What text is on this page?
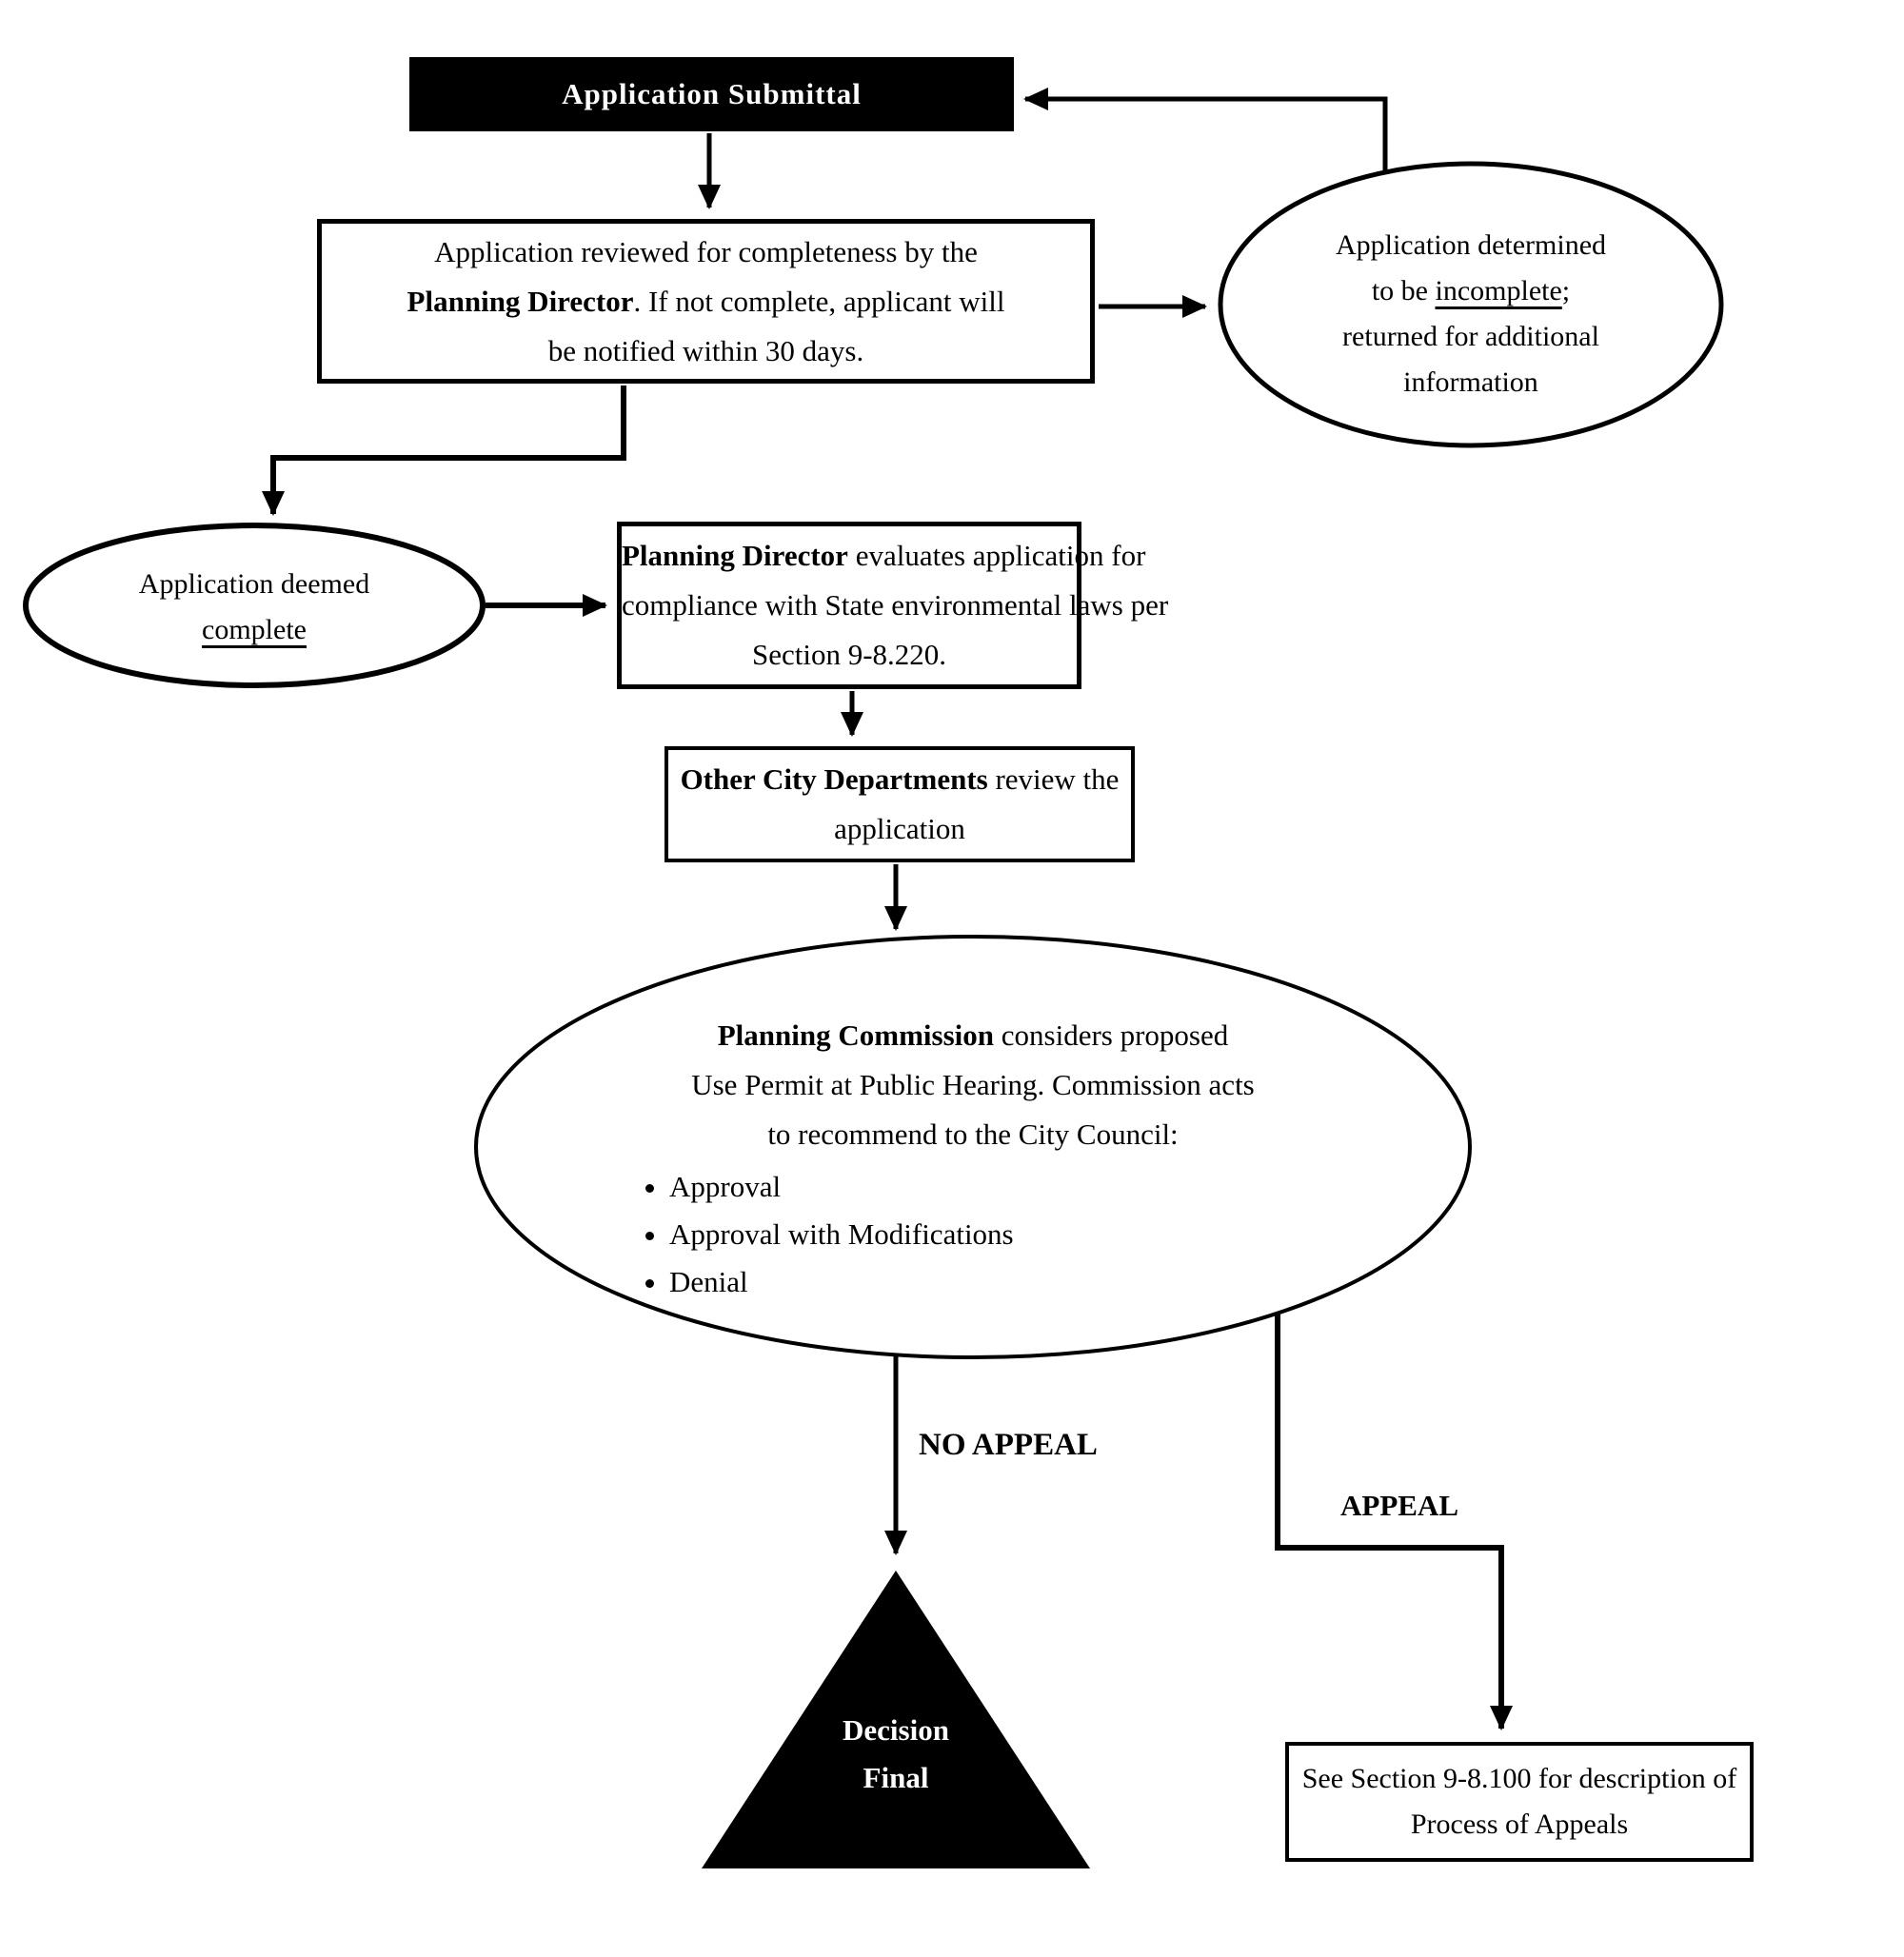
Application Submittal
Application reviewed for completeness by the
Planning Director. If not complete, applicant will
be notified within 30 days.
Application determined
to be incomplete;
returned for additional
information
Application deemed
complete
Planning Director evaluates application for
compliance with State environmental laws per
Section 9-8.220.
Other City Departments review the
application
Planning Commission considers proposed
Use Permit at Public Hearing. Commission acts
to recommend to the City Council:
• Approval
• Approval with Modifications
• Denial
NO APPEAL
APPEAL
Decision
Final	See Section 9-8.100 for description of
Process of Appeals
